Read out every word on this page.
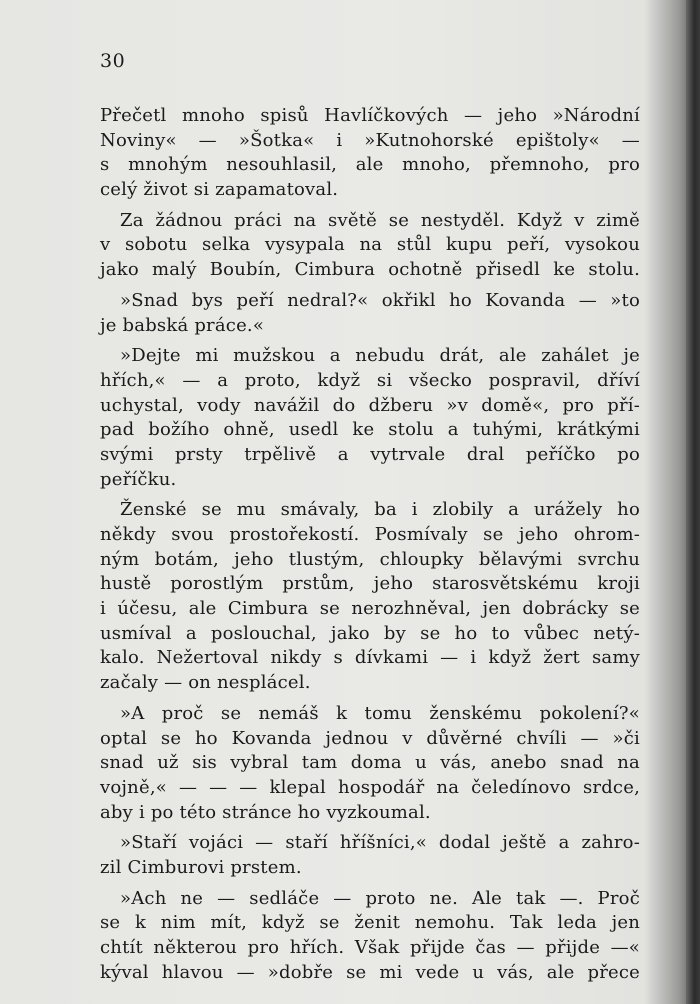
30
Přečetl mnoho spisů Havlíčkových — jeho »Národní
Noviny« — »Šotka« i »Kutnohorské epištoly« —
s mnohým nesouhlasil, ale mnoho, přemnoho, pro
celý život si zapamatoval.
Za žádnou práci na světě se nestyděl. Když v zimě
v sobotu selka vysypala na stůl kupu peří, vysokou
jako malý Boubín, Cimbura ochotně přisedl ke stolu.
»Snad bys peří nedral?« okřikl ho Kovanda — »to
je babská práce.«
»Dejte mi mužskou a nebudu drát, ale zahálet je
hřích,« — a proto, když si všecko pospravil, dříví
uchystal, vody navážil do džberu »v domě«, pro pří-
pad božího ohně, usedl ke stolu a tuhými, krátkými
svými prsty trpělivě a vytrvale dral peříčko po
peříčku.
Ženské se mu smávaly, ba i zlobily a urážely ho
někdy svou prostořekostí. Posmívaly se jeho ohrom-
ným botám, jeho tlustým, chloupky bělavými svrchu
hustě porostlým prstům, jeho starosvětskému kroji
i účesu, ale Cimbura se nerozhněval, jen dobrácky se
usmíval a poslouchal, jako by se ho to vůbec netý-
kalo. Nežertoval nikdy s dívkami — i když žert samy
začaly — on nesplácel.
»A proč se nemáš k tomu ženskému pokolení?«
optal se ho Kovanda jednou v důvěrné chvíli — »či
snad už sis vybral tam doma u vás, anebo snad na
vojně,« — — — klepal hospodář na čeledínovo srdce,
aby i po této stránce ho vyzkoumal.
»Staří vojáci — staří hříšníci,« dodal ještě a zahro-
zil Cimburovi prstem.
»Ach ne — sedláče — proto ne. Ale tak —. Proč
se k nim mít, když se ženit nemohu. Tak leda jen
chtít některou pro hřích. Však přijde čas — přijde —«
kýval hlavou — »dobře se mi vede u vás, ale přece
